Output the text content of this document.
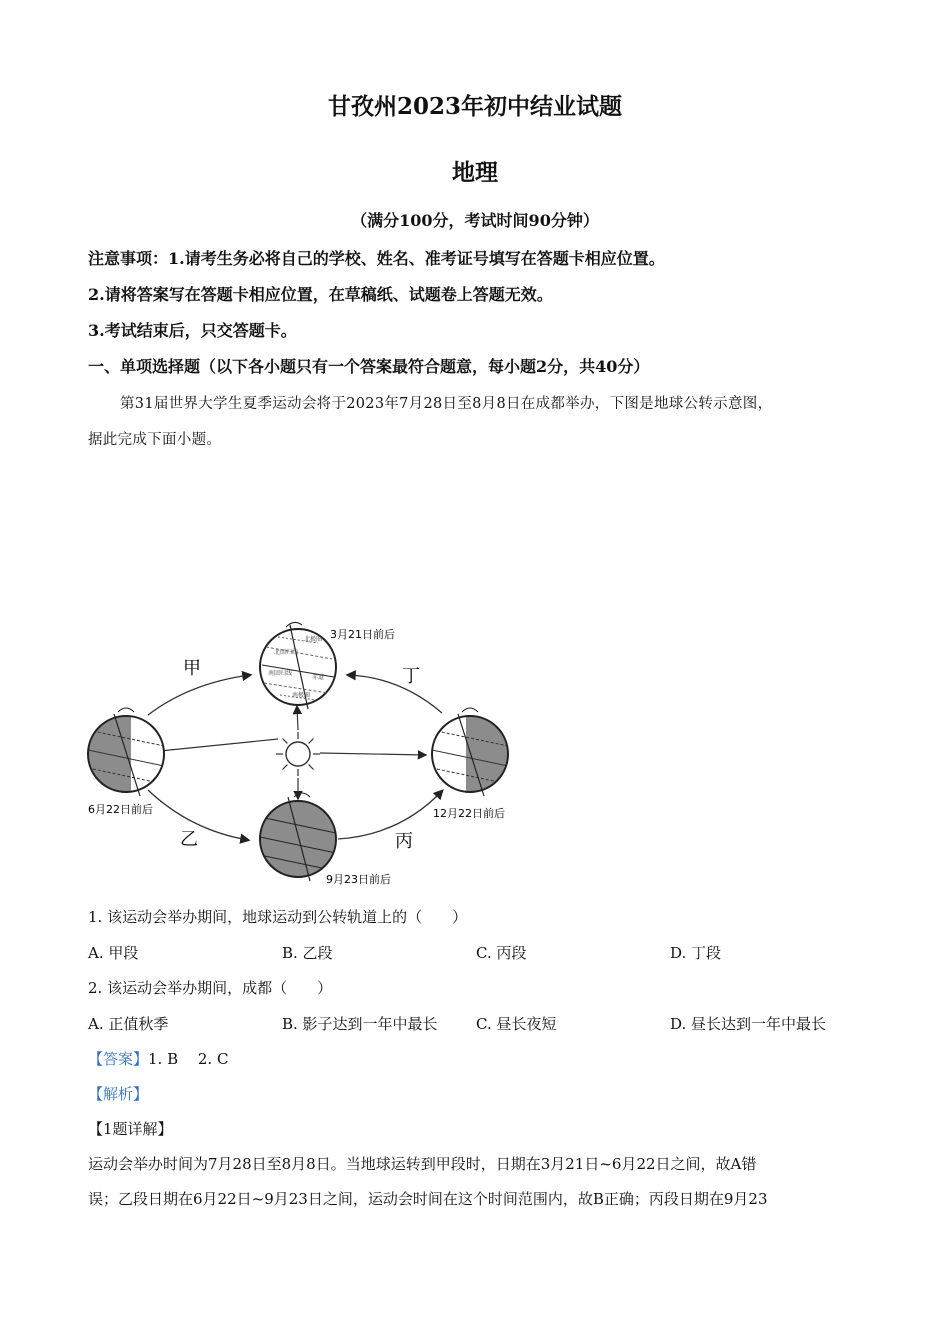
甘孜州2023年初中结业试题
地理
（满分100分，考试时间90分钟）
注意事项：1.请考生务必将自己的学校、姓名、准考证号填写在答题卡相应位置。
2.请将答案写在答题卡相应位置，在草稿纸、试题卷上答题无效。
3.考试结束后，只交答题卡。
一、单项选择题（以下各小题只有一个答案最符合题意，每小题2分，共40分）
第31届世界大学生夏季运动会将于2023年7月28日至8月8日在成都举办，下图是地球公转示意图，
据此完成下面小题。
甲
乙	丙
丁
北回归线
赤道
南回归线
北极圈
南极圈
3月21日前后
6月22日前后
9月23日前后
12月22日前后
1. 该运动会举办期间，地球运动到公转轨道上的（　　）
A. 甲段	B. 乙段	C. 丙段	D. 丁段
2. 该运动会举办期间，成都（　　）
A. 正值秋季	B. 影子达到一年中最长	C. 昼长夜短	D. 昼长达到一年中最长
【答案】1. B　 2. C
【解析】
【1题详解】
运动会举办时间为7月28日至8月8日。当地球运转到甲段时，日期在3月21日~6月22日之间，故A错
误；乙段日期在6月22日~9月23日之间，运动会时间在这个时间范围内，故B正确；丙段日期在9月23
